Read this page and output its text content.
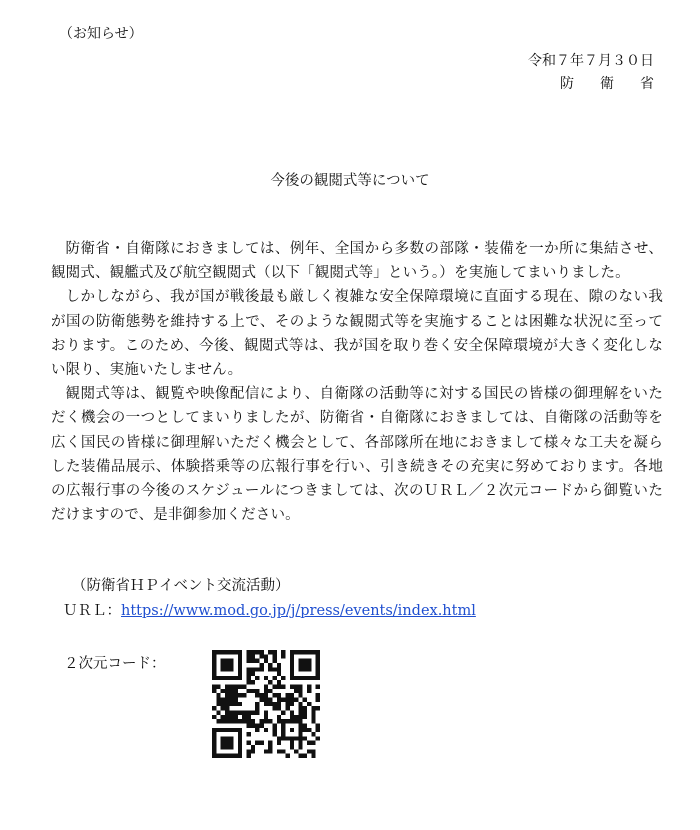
（お知らせ）
令和７年７月３０日
防衛省
今後の観閲式等について

防衛省・自衛隊におきましては、例年、全国から多数の部隊・装備を一か所に集結させ、観閲式、観艦式及び航空観閲式（以下「観閲式等」という。）を実施してまいりました。

しかしながら、我が国が戦後最も厳しく複雑な安全保障環境に直面する現在、隙のない我が国の防衛態勢を維持する上で、そのような観閲式等を実施することは困難な状況に至っております。このため、今後、観閲式等は、我が国を取り巻く安全保障環境が大きく変化しない限り、実施いたしません。

観閲式等は、観覧や映像配信により、自衛隊の活動等に対する国民の皆様の御理解をいただく機会の一つとしてまいりましたが、防衛省・自衛隊におきましては、自衛隊の活動等を広く国民の皆様に御理解いただく機会として、各部隊所在地におきまして様々な工夫を凝らした装備品展示、体験搭乗等の広報行事を行い、引き続きその充実に努めております。各地の広報行事の今後のスケジュールにつきましては、次のＵＲＬ／２次元コードから御覧いただけますので、是非御参加ください。

（防衛省ＨＰイベント交流活動）
ＵＲＬ：https://www.mod.go.jp/j/press/events/index.html
２次元コード：
